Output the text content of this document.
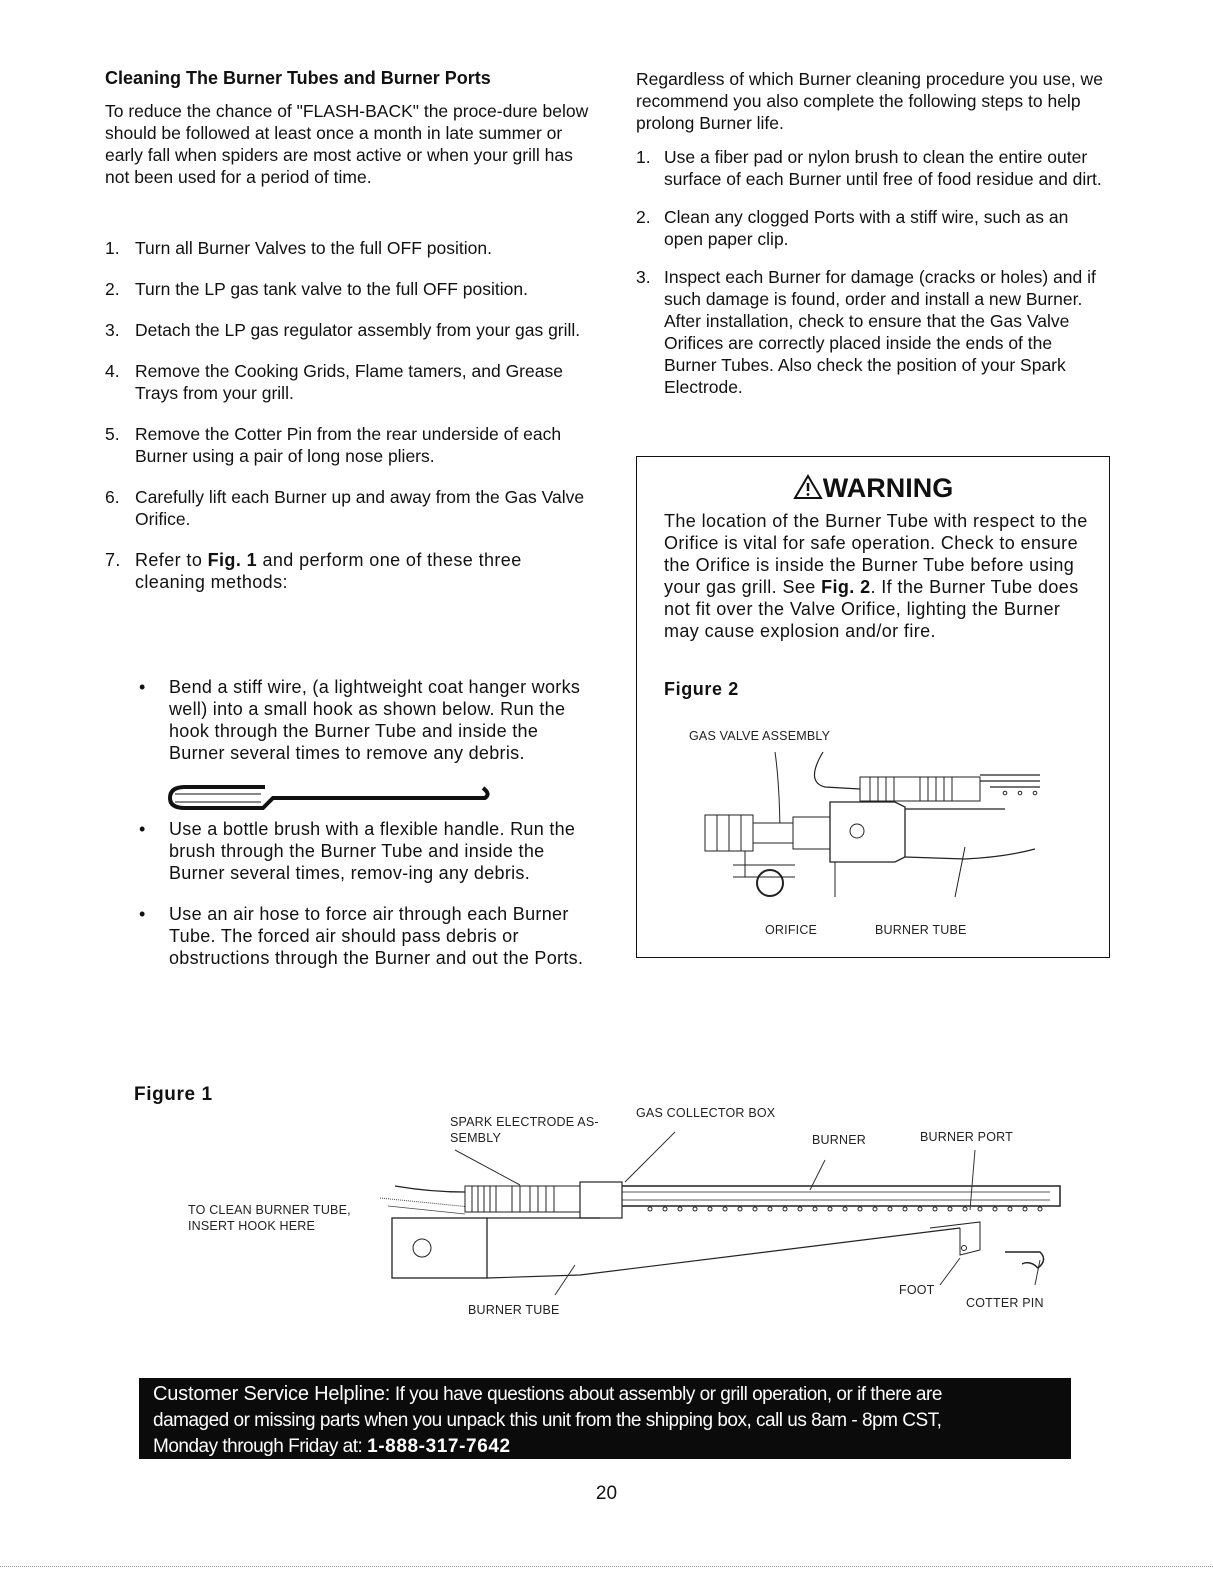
Cleaning The Burner Tubes and Burner Ports
To reduce the chance of "FLASH-BACK" the proce-dure below should be followed at least once a month in late summer or early fall when spiders are most active or when your grill has not been used for a period of time.
1. Turn all Burner Valves to the full OFF position.
2. Turn the LP gas tank valve to the full OFF position.
3. Detach the LP gas regulator assembly from your gas grill.
4. Remove the Cooking Grids, Flame tamers, and Grease Trays from your grill.
5. Remove the Cotter Pin from the rear underside of each Burner using a pair of long nose pliers.
6. Carefully lift each Burner up and away from the Gas Valve Orifice.
7. Refer to Fig. 1 and perform one of these three cleaning methods:
• Bend a stiff wire, (a lightweight coat hanger works well) into a small hook as shown below. Run the hook through the Burner Tube and inside the Burner several times to remove any debris.
• Use a bottle brush with a flexible handle. Run the brush through the Burner Tube and inside the Burner several times, remov-ing any debris.
• Use an air hose to force air through each Burner Tube. The forced air should pass debris or obstructions through the Burner and out the Ports.
Regardless of which Burner cleaning procedure you use, we recommend you also complete the following steps to help prolong Burner life.
1. Use a fiber pad or nylon brush to clean the entire outer surface of each Burner until free of food residue and dirt.
2. Clean any clogged Ports with a stiff wire, such as an open paper clip.
3. Inspect each Burner for damage (cracks or holes) and if such damage is found, order and install a new Burner. After installation, check to ensure that the Gas Valve Orifices are correctly placed inside the ends of the Burner Tubes. Also check the position of your Spark Electrode.
WARNING
The location of the Burner Tube with respect to the Orifice is vital for safe operation. Check to ensure the Orifice is inside the Burner Tube before using your gas grill. See Fig. 2. If the Burner Tube does not fit over the Valve Orifice, lighting the Burner may cause explosion and/or fire.
Figure 2
GAS VALVE ASSEMBLY
ORIFICE	BURNER TUBE
Figure 1
SPARK ELECTRODE AS-
SEMBLY
GAS COLLECTOR BOX
BURNER	BURNER PORT
TO CLEAN BURNER TUBE,
INSERT HOOK HERE
BURNER TUBE
FOOT
COTTER PIN
Customer Service Helpline: If you have questions about assembly or grill operation, or if there are
damaged or missing parts when you unpack this unit from the shipping box, call us 8am - 8pm CST,
Monday through Friday at: 1-888-317-7642
20
